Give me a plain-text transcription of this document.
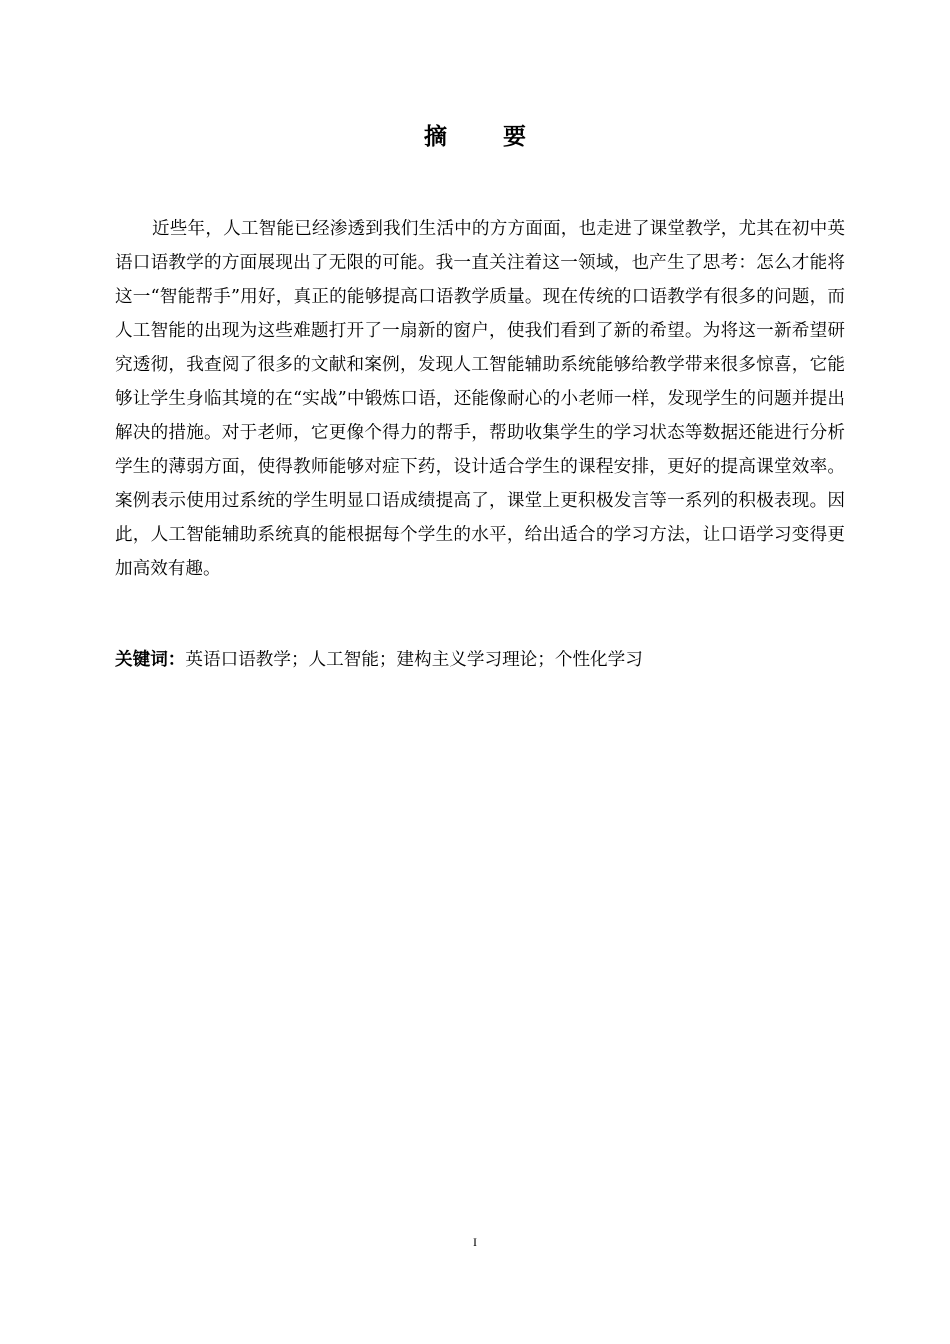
摘 要

近些年，人工智能已经渗透到我们生活中的方方面面，也走进了课堂教学，尤其在初中英语口语教学的方面展现出了无限的可能。我一直关注着这一领域，也产生了思考：怎么才能将这一“智能帮手”用好，真正的能够提高口语教学质量。现在传统的口语教学有很多的问题，而人工智能的出现为这些难题打开了一扇新的窗户，使我们看到了新的希望。为将这一新希望研究透彻，我查阅了很多的文献和案例，发现人工智能辅助系统能够给教学带来很多惊喜，它能够让学生身临其境的在“实战”中锻炼口语，还能像耐心的小老师一样，发现学生的问题并提出解决的措施。对于老师，它更像个得力的帮手，帮助收集学生的学习状态等数据还能进行分析学生的薄弱方面，使得教师能够对症下药，设计适合学生的课程安排，更好的提高课堂效率。案例表示使用过系统的学生明显口语成绩提高了，课堂上更积极发言等一系列的积极表现。因此，人工智能辅助系统真的能根据每个学生的水平，给出适合的学习方法，让口语学习变得更加高效有趣。

关键词：英语口语教学；人工智能；建构主义学习理论；个性化学习

I
